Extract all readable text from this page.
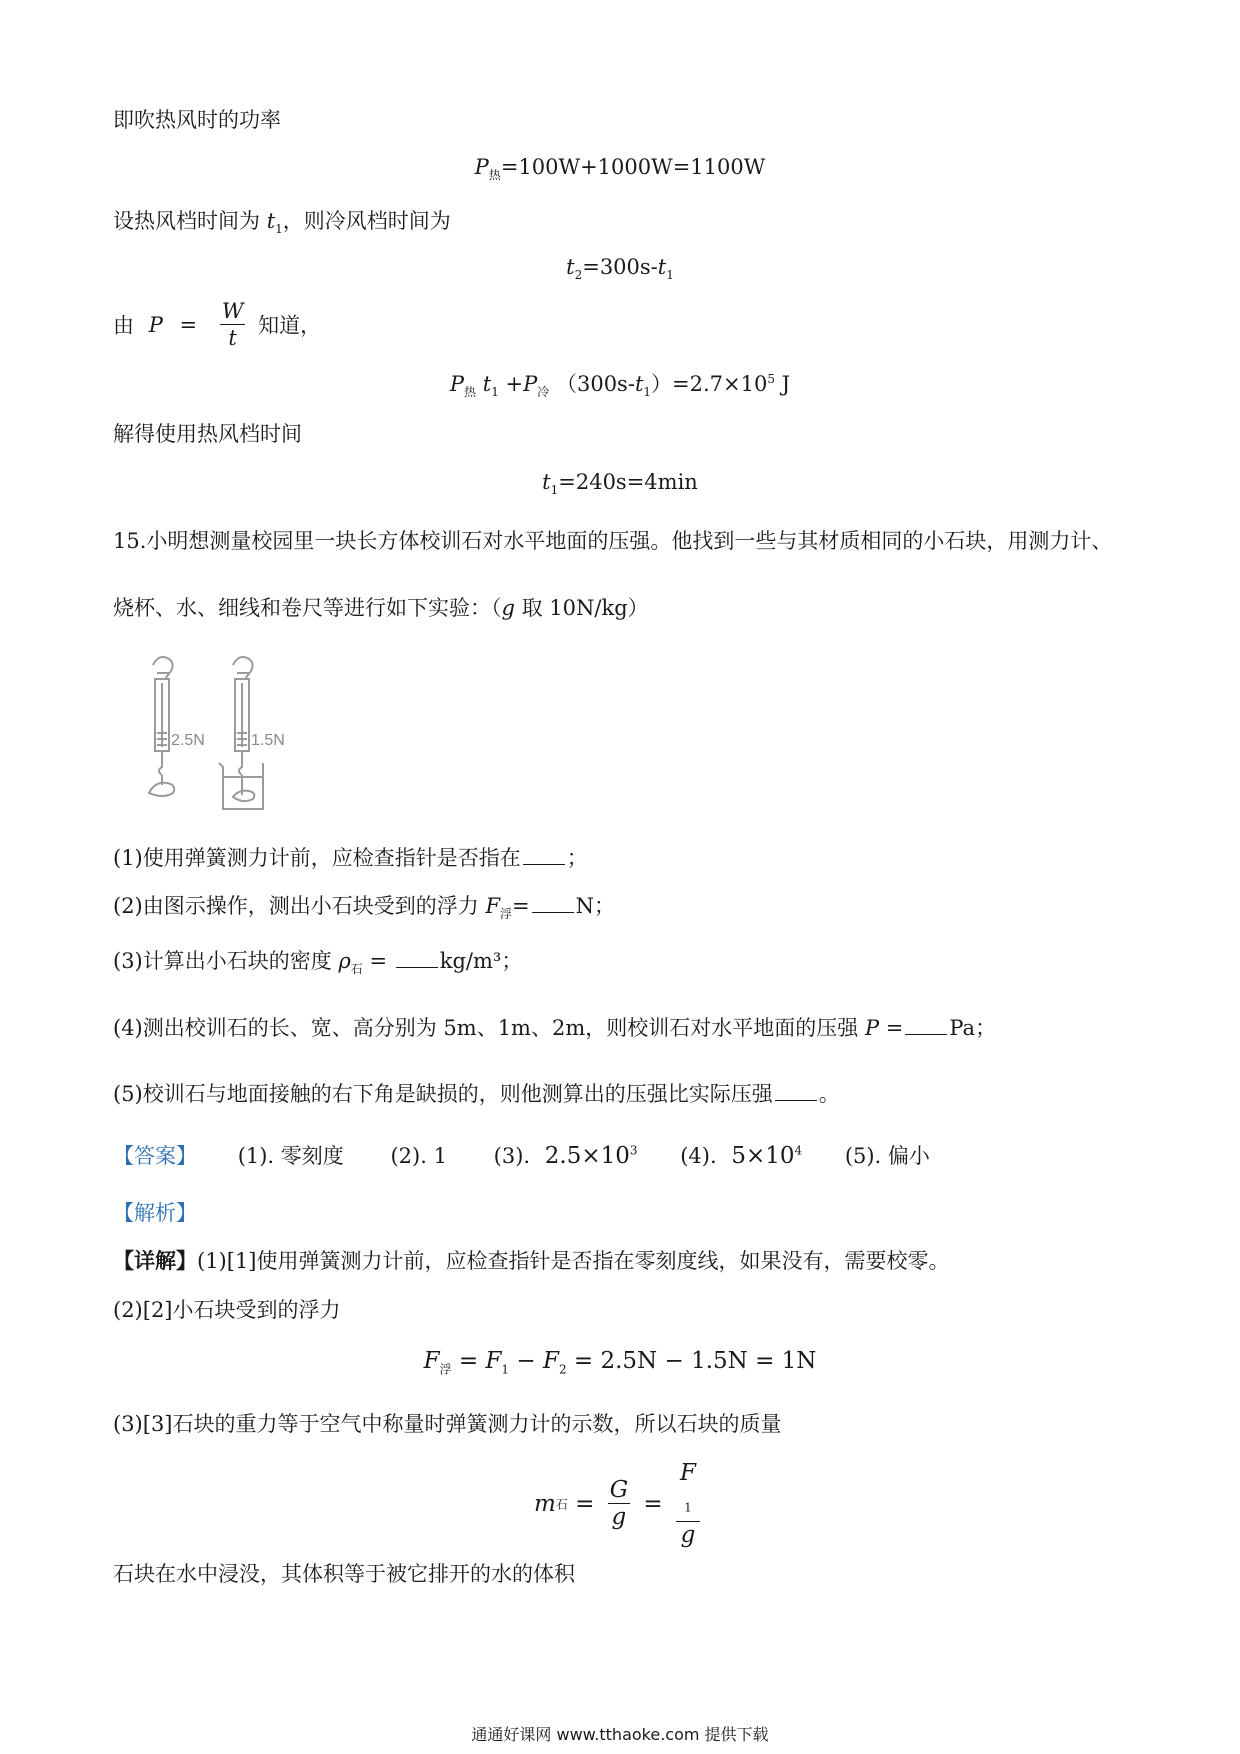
即吹热风时的功率
$P_热=100W+1000W=1100W$
设热风档时间为 $t_1$，则冷风档时间为
$t_2=300s-t_1$
由 $P = \frac{W}{t}$ 知道，
$P_热$ $t_1 +P_冷$ $(300s-t_1)=2.7\times 10^5$ J
解得使用热风档时间
$t_1=240s=4\min$
15.小明想测量校园里一块长方体校训石对水平地面的压强。他找到一些与其材质相同的小石块，用测力计、
烧杯、水、细线和卷尺等进行如下实验：（g 取 10N/kg）
2.5N	1.5N
(1)使用弹簧测力计前，应检查指针是否指在 ；
(2)由图示操作，测出小石块受到的浮力 $F_浮= N$；
(3)计算出小石块的密度 $\rho_石 = kg/m^3$；
(4)测出校训石的长、宽、高分别为 5m、1m、2m，则校训石对水平地面的压强 P = Pa；
(5)校训石与地面接触的右下角是缺损的，则他测算出的压强比实际压强 。
【答案】 (1). 零刻度 (2). 1 (3). $2.5\times 10^3$ (4). $5\times 10^4$ (5). 偏小
【解析】
【详解】(1)[1]使用弹簧测力计前，应检查指针是否指在零刻度线，如果没有，需要校零。
(2)[2]小石块受到的浮力
$F_浮 = F_1 - F_2 = 2.5N - 1.5N = 1N$
(3)[3]石块的重力等于空气中称量时弹簧测力计的示数，所以石块的质量
m石 = $\frac{G}{g} = F$
$_1$
g
石块在水中浸没，其体积等于被它排开的水的体积
通通好课网 www.tthaoke.com 提供下载
